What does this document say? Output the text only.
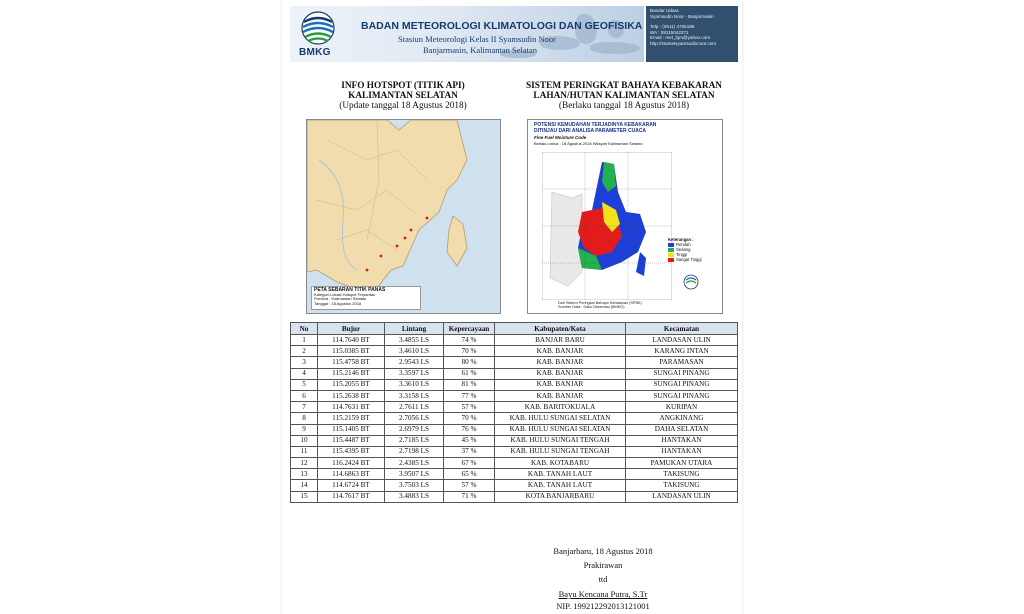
BMKG
BADAN METEOROLOGI KLIMATOLOGI DAN GEOFISIKA
Stasiun Meteorologi Kelas II Syamsudin Noor
Banjarmasin, Kalimantan Selatan
Bandar Udara
Syamsudin Noor - Banjarmasin
Telp : (0511) 4705186
WA : 08115042371
Email : met_bjm@yahoo.com
http://stametsyamsudinnoor.com
INFO HOTSPOT (TITIK API)
KALIMANTAN SELATAN
(Update tanggal 18 Agustus 2018)
SISTEM PERINGKAT BAHAYA KEBAKARAN
LAHAN/HUTAN KALIMANTAN SELATAN
(Berlaku tanggal 18 Agustus 2018)
PETA SEBARAN TITIK PANAS
Kategori Lokasi Hotspot Terpantau
Provinsi : Kalimantan Selatan
Tanggal : 18 Agustus 2018
POTENSI KEMUDAHAN TERJADINYA KEBAKARAN
DITINJAU DARI ANALISA PARAMETER CUACA
Fine Fuel Moisture Code
Berlaku untuk : 18 Agustus 2018 Wilayah Kalimantan Selatan
Keterangan :
Rendah
Sedang
Tinggi
Sangat Tinggi
Dari Sistem Peringkat Bahaya Kebakaran (SPBK)
Sumber Data : Data Observasi (BMKG)
No	Bujur	Lintang	Kepercayaan	Kabupaten/Kota	Kecamatan
1	114.7640 BT	3.4855 LS	74 %	BANJAR BARU	LANDASAN ULIN
2	115.0385 BT	3.4610 LS	70 %	KAB. BANJAR	KARANG INTAN
3	115.4758 BT	2.9543 LS	80 %	KAB. BANJAR	PARAMASAN
4	115.2146 BT	3.3597 LS	61 %	KAB. BANJAR	SUNGAI PINANG
5	115.2055 BT	3.3610 LS	81 %	KAB. BANJAR	SUNGAI PINANG
6	115.2638 BT	3.3158 LS	77 %	KAB. BANJAR	SUNGAI PINANG
7	114.7631 BT	2.7611 LS	57 %	KAB. BARITOKUALA	KURIPAN
8	115.2159 BT	2.7056 LS	70 %	KAB. HULU SUNGAI SELATAN	ANGKINANG
9	115.1405 BT	2.6979 LS	76 %	KAB. HULU SUNGAI SELATAN	DAHA SELATAN
10	115.4487 BT	2.7185 LS	45 %	KAB. HULU SUNGAI TENGAH	HANTAKAN
11	115.4395 BT	2.7198 LS	37 %	KAB. HULU SUNGAI TENGAH	HANTAKAN
12	116.2424 BT	2.4385 LS	67 %	KAB. KOTABARU	PAMUKAN UTARA
13	114.6863 BT	3.9507 LS	65 %	KAB. TANAH LAUT	TAKISUNG
14	114.6724 BT	3.7503 LS	57 %	KAB. TANAH LAUT	TAKISUNG
15	114.7617 BT	3.4883 LS	71 %	KOTA BANJARBARU	LANDASAN ULIN
Banjarbaru, 18 Agustus 2018
Prakirawan
ttd
Bayu Kencana Putra, S.Tr
NIP. 199212292013121001
